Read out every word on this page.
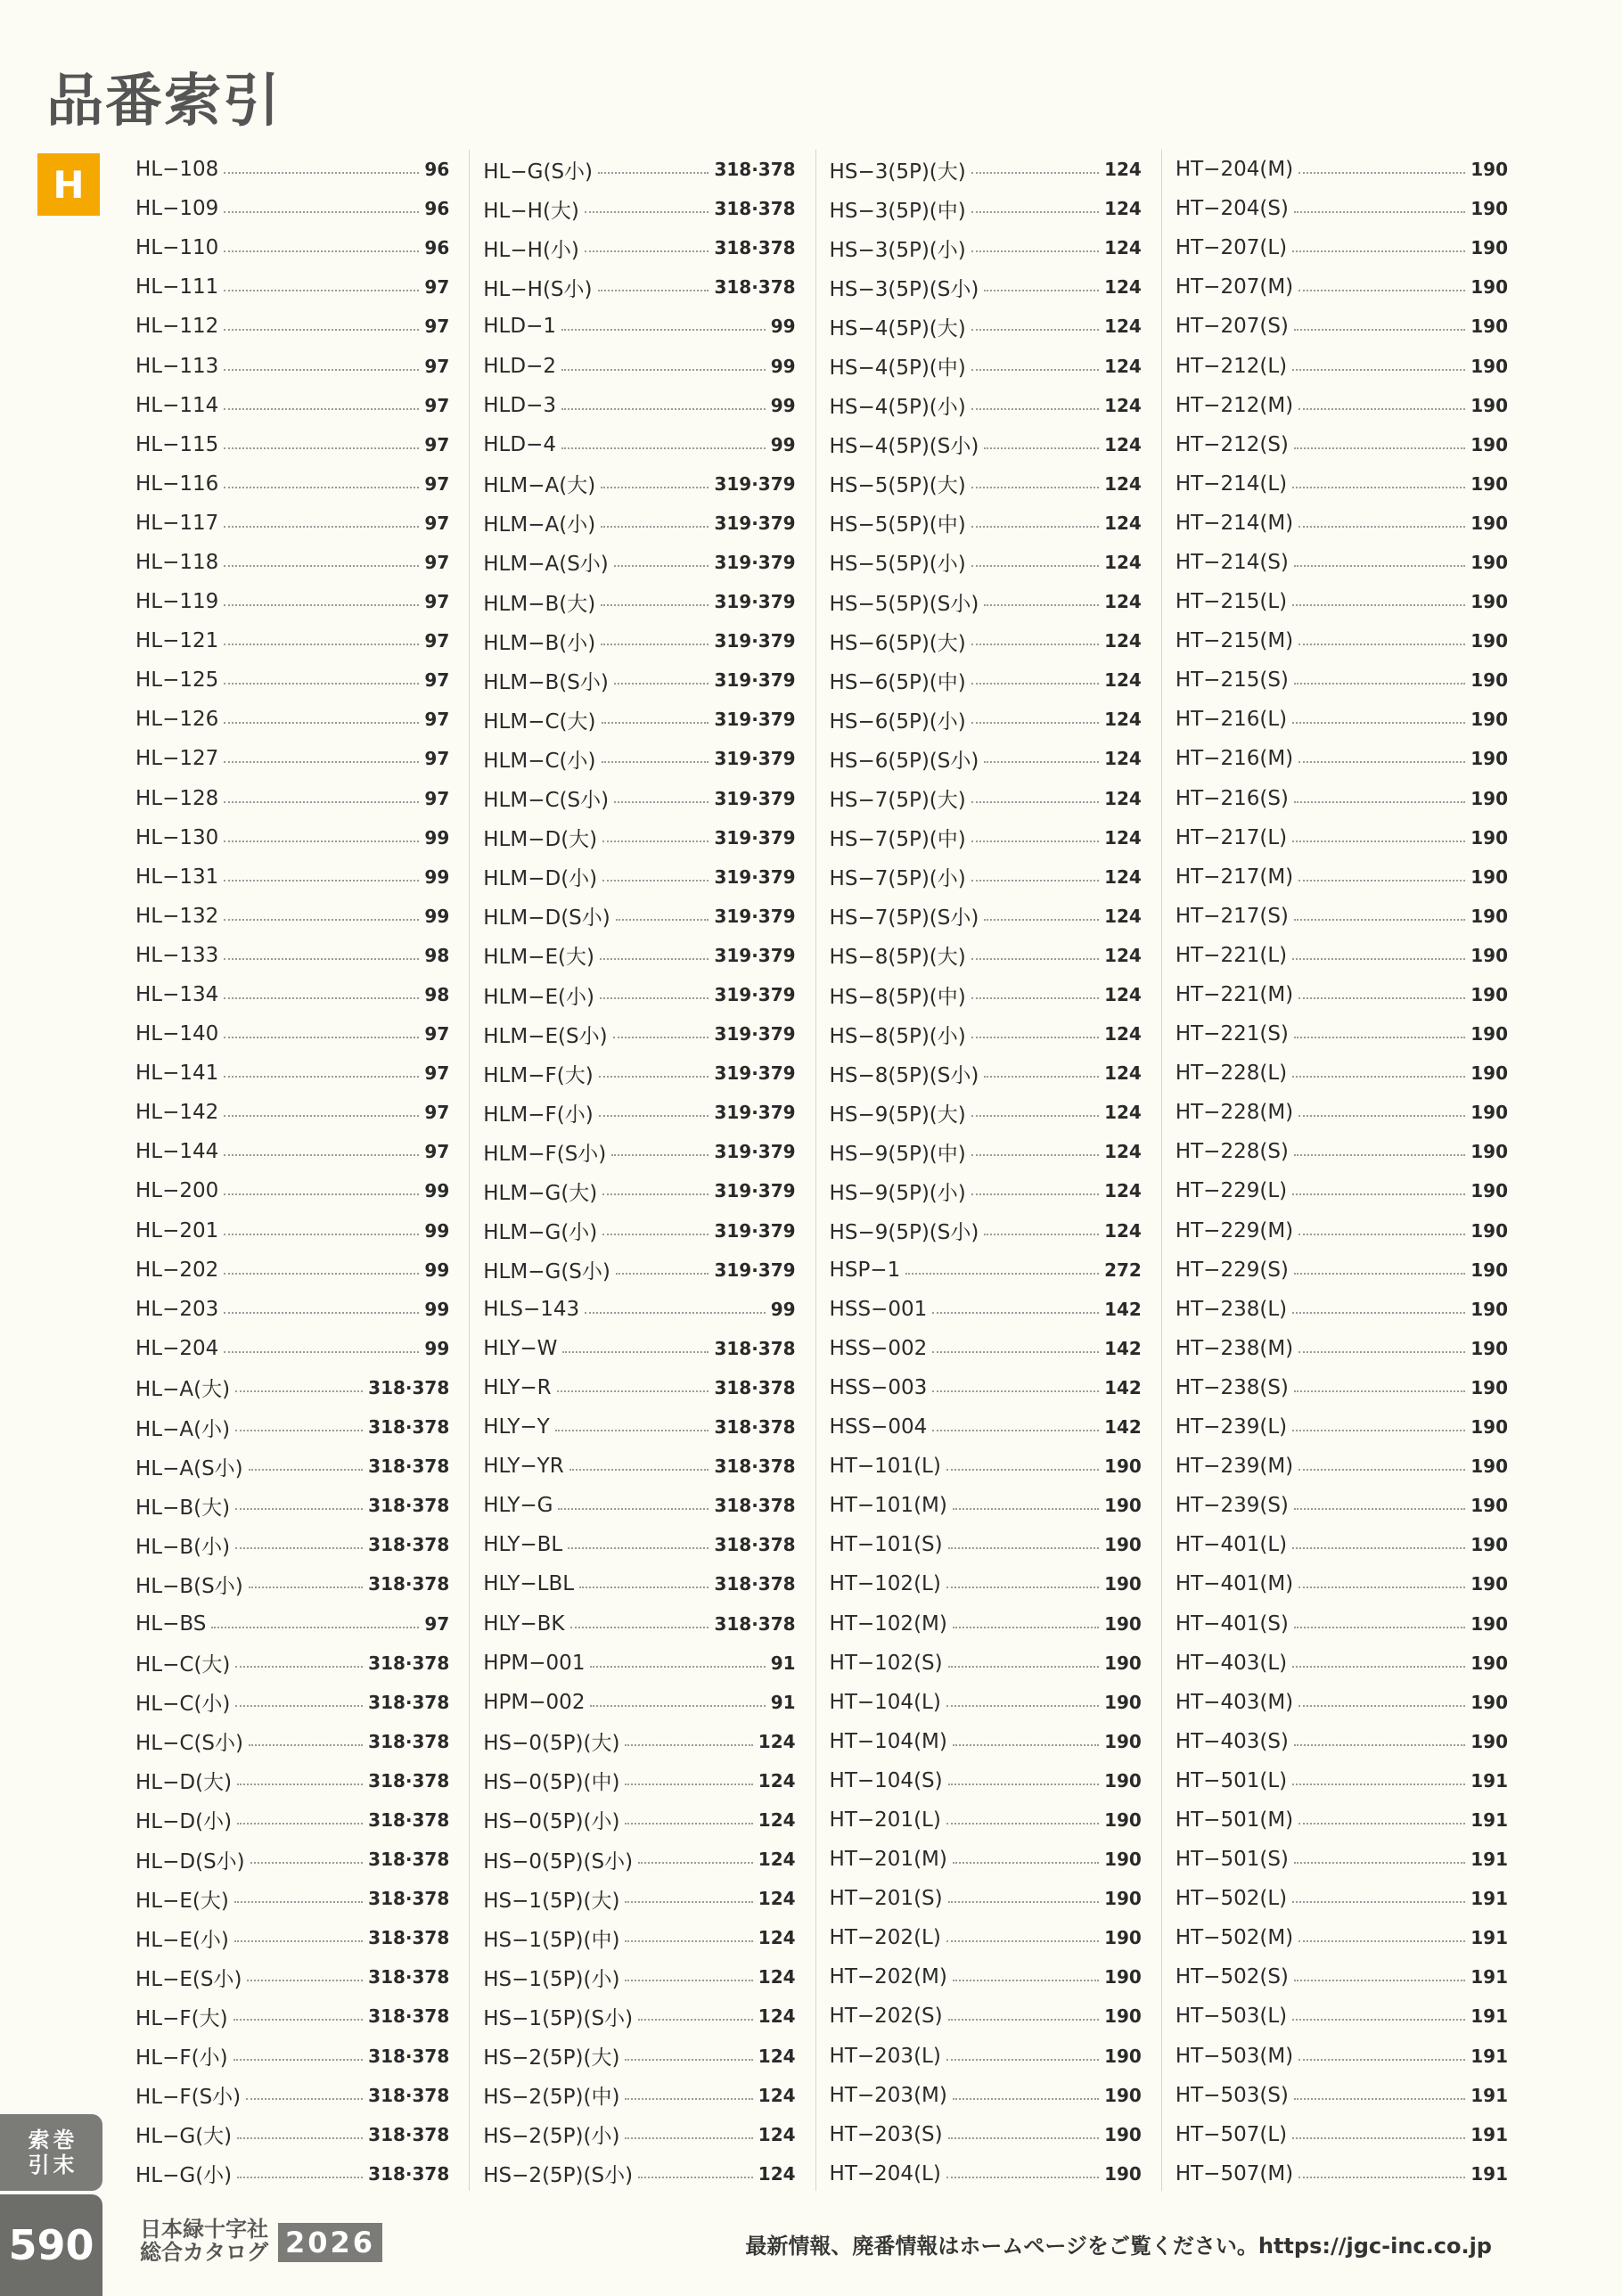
品番索引
H	HL−108	96
HL−109	96
HL−110	96
HL−111	97
HL−112	97
HL−113	97
HL−114	97
HL−115	97
HL−116	97
HL−117	97
HL−118	97
HL−119	97
HL−121	97
HL−125	97
HL−126	97
HL−127	97
HL−128	97
HL−130	99
HL−131	99
HL−132	99
HL−133	98
HL−134	98
HL−140	97
HL−141	97
HL−142	97
HL−144	97
HL−200	99
HL−201	99
HL−202	99
HL−203	99
HL−204	99
HL−A(大)	318·378
HL−A(小)	318·378
HL−A(S小)	318·378
HL−B(大)	318·378
HL−B(小)	318·378
HL−B(S小)	318·378
HL−BS	97
HL−C(大)	318·378
HL−C(小)	318·378
HL−C(S小)	318·378
HL−D(大)	318·378
HL−D(小)	318·378
HL−D(S小)	318·378
HL−E(大)	318·378
HL−E(小)	318·378
HL−E(S小)	318·378
HL−F(大)	318·378
HL−F(小)	318·378
HL−F(S小)	318·378
HL−G(大)	318·378
HL−G(小)	318·378
HL−G(S小)	318·378
HL−H(大)	318·378
HL−H(小)	318·378
HL−H(S小)	318·378
HLD−1	99
HLD−2	99
HLD−3	99
HLD−4	99
HLM−A(大)	319·379
HLM−A(小)	319·379
HLM−A(S小)	319·379
HLM−B(大)	319·379
HLM−B(小)	319·379
HLM−B(S小)	319·379
HLM−C(大)	319·379
HLM−C(小)	319·379
HLM−C(S小)	319·379
HLM−D(大)	319·379
HLM−D(小)	319·379
HLM−D(S小)	319·379
HLM−E(大)	319·379
HLM−E(小)	319·379
HLM−E(S小)	319·379
HLM−F(大)	319·379
HLM−F(小)	319·379
HLM−F(S小)	319·379
HLM−G(大)	319·379
HLM−G(小)	319·379
HLM−G(S小)	319·379
HLS−143	99
HLY−W	318·378
HLY−R	318·378
HLY−Y	318·378
HLY−YR	318·378
HLY−G	318·378
HLY−BL	318·378
HLY−LBL	318·378
HLY−BK	318·378
HPM−001	91
HPM−002	91
HS−0(5P)(大)	124
HS−0(5P)(中)	124
HS−0(5P)(小)	124
HS−0(5P)(S小)	124
HS−1(5P)(大)	124
HS−1(5P)(中)	124
HS−1(5P)(小)	124
HS−1(5P)(S小)	124
HS−2(5P)(大)	124
HS−2(5P)(中)	124
HS−2(5P)(小)	124
HS−2(5P)(S小)	124
HS−3(5P)(大)	124
HS−3(5P)(中)	124
HS−3(5P)(小)	124
HS−3(5P)(S小)	124
HS−4(5P)(大)	124
HS−4(5P)(中)	124
HS−4(5P)(小)	124
HS−4(5P)(S小)	124
HS−5(5P)(大)	124
HS−5(5P)(中)	124
HS−5(5P)(小)	124
HS−5(5P)(S小)	124
HS−6(5P)(大)	124
HS−6(5P)(中)	124
HS−6(5P)(小)	124
HS−6(5P)(S小)	124
HS−7(5P)(大)	124
HS−7(5P)(中)	124
HS−7(5P)(小)	124
HS−7(5P)(S小)	124
HS−8(5P)(大)	124
HS−8(5P)(中)	124
HS−8(5P)(小)	124
HS−8(5P)(S小)	124
HS−9(5P)(大)	124
HS−9(5P)(中)	124
HS−9(5P)(小)	124
HS−9(5P)(S小)	124
HSP−1	272
HSS−001	142
HSS−002	142
HSS−003	142
HSS−004	142
HT−101(L)	190
HT−101(M)	190
HT−101(S)	190
HT−102(L)	190
HT−102(M)	190
HT−102(S)	190
HT−104(L)	190
HT−104(M)	190
HT−104(S)	190
HT−201(L)	190
HT−201(M)	190
HT−201(S)	190
HT−202(L)	190
HT−202(M)	190
HT−202(S)	190
HT−203(L)	190
HT−203(M)	190
HT−203(S)	190
HT−204(L)	190
HT−204(M)	190
HT−204(S)	190
HT−207(L)	190
HT−207(M)	190
HT−207(S)	190
HT−212(L)	190
HT−212(M)	190
HT−212(S)	190
HT−214(L)	190
HT−214(M)	190
HT−214(S)	190
HT−215(L)	190
HT−215(M)	190
HT−215(S)	190
HT−216(L)	190
HT−216(M)	190
HT−216(S)	190
HT−217(L)	190
HT−217(M)	190
HT−217(S)	190
HT−221(L)	190
HT−221(M)	190
HT−221(S)	190
HT−228(L)	190
HT−228(M)	190
HT−228(S)	190
HT−229(L)	190
HT−229(M)	190
HT−229(S)	190
HT−238(L)	190
HT−238(M)	190
HT−238(S)	190
HT−239(L)	190
HT−239(M)	190
HT−239(S)	190
HT−401(L)	190
HT−401(M)	190
HT−401(S)	190
HT−403(L)	190
HT−403(M)	190
HT−403(S)	190
HT−501(L)	191
HT−501(M)	191
HT−501(S)	191
HT−502(L)	191
HT−502(M)	191
HT−502(S)	191
HT−503(L)	191
HT−503(M)	191
HT−503(S)	191
HT−507(L)	191
HT−507(M)	191
索 巻
引 末
590	日本緑十字社
総合カタログ 2026	最新情報、廃番情報はホームページをご覧ください。https://jgc-inc.co.jp
